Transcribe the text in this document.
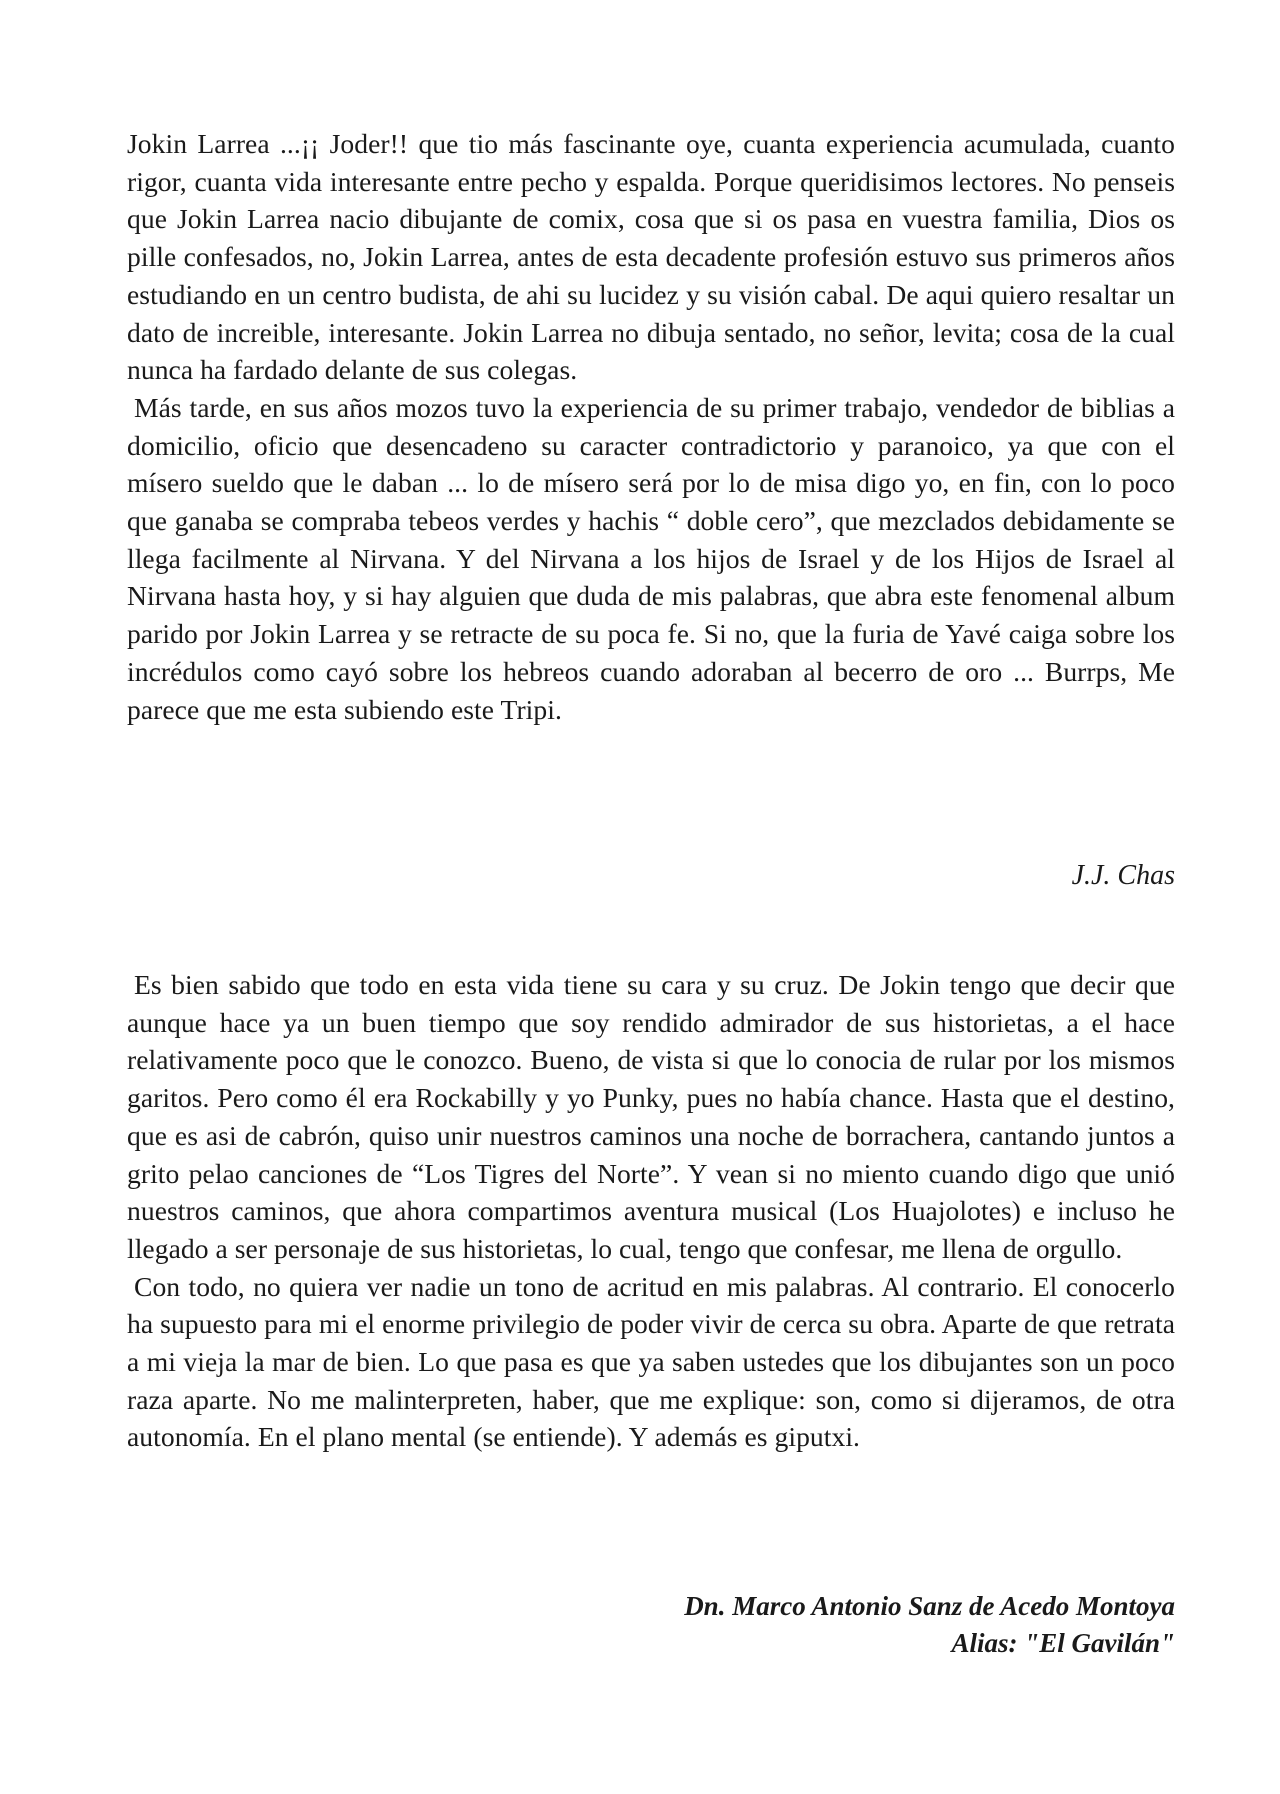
Jokin Larrea ...¡¡ Joder!! que tio más fascinante oye, cuanta experiencia acumulada, cuanto rigor, cuanta vida interesante entre pecho y espalda. Porque queridisimos lectores. No penseis que Jokin Larrea nacio dibujante de comix, cosa que si os pasa en vuestra familia, Dios os pille confesados, no, Jokin Larrea, antes de esta decadente profesión estuvo sus primeros años estudiando en un centro budista, de ahi su lucidez y su visión cabal. De aqui quiero resaltar un dato de increible, interesante. Jokin Larrea no dibuja sentado, no señor, levita; cosa de la cual nunca ha fardado delante de sus colegas.

Más tarde, en sus años mozos tuvo la experiencia de su primer trabajo, vendedor de biblias a domicilio, oficio que desencadeno su caracter contradictorio y paranoico, ya que con el mísero sueldo que le daban ... lo de mísero será por lo de misa digo yo, en fin, con lo poco que ganaba se compraba tebeos verdes y hachis “ doble cero”, que mezclados debidamente se llega facilmente al Nirvana. Y del Nirvana a los hijos de Israel y de los Hijos de Israel al Nirvana hasta hoy, y si hay alguien que duda de mis palabras, que abra este fenomenal album parido por Jokin Larrea y se retracte de su poca fe. Si no, que la furia de Yavé caiga sobre los incrédulos como cayó sobre los hebreos cuando adoraban al becerro de oro ... Burrps, Me parece que me esta subiendo este Tripi.

J.J. Chas

Es bien sabido que todo en esta vida tiene su cara y su cruz. De Jokin tengo que decir que aunque hace ya un buen tiempo que soy rendido admirador de sus historietas, a el hace relativamente poco que le conozco. Bueno, de vista si que lo conocia de rular por los mismos garitos. Pero como él era Rockabilly y yo Punky, pues no había chance. Hasta que el destino, que es asi de cabrón, quiso unir nuestros caminos una noche de borrachera, cantando juntos a grito pelao canciones de “Los Tigres del Norte”. Y vean si no miento cuando digo que unió nuestros caminos, que ahora compartimos aventura musical (Los Huajolotes) e incluso he llegado a ser personaje de sus historietas, lo cual, tengo que confesar, me llena de orgullo.

Con todo, no quiera ver nadie un tono de acritud en mis palabras. Al contrario. El conocerlo ha supuesto para mi el enorme privilegio de poder vivir de cerca su obra. Aparte de que retrata a mi vieja la mar de bien. Lo que pasa es que ya saben ustedes que los dibujantes son un poco raza aparte. No me malinterpreten, haber, que me explique: son, como si dijeramos, de otra autonomía. En el plano mental (se entiende). Y además es giputxi.

Dn. Marco Antonio Sanz de Acedo Montoya
Alias: "El Gavilán"
